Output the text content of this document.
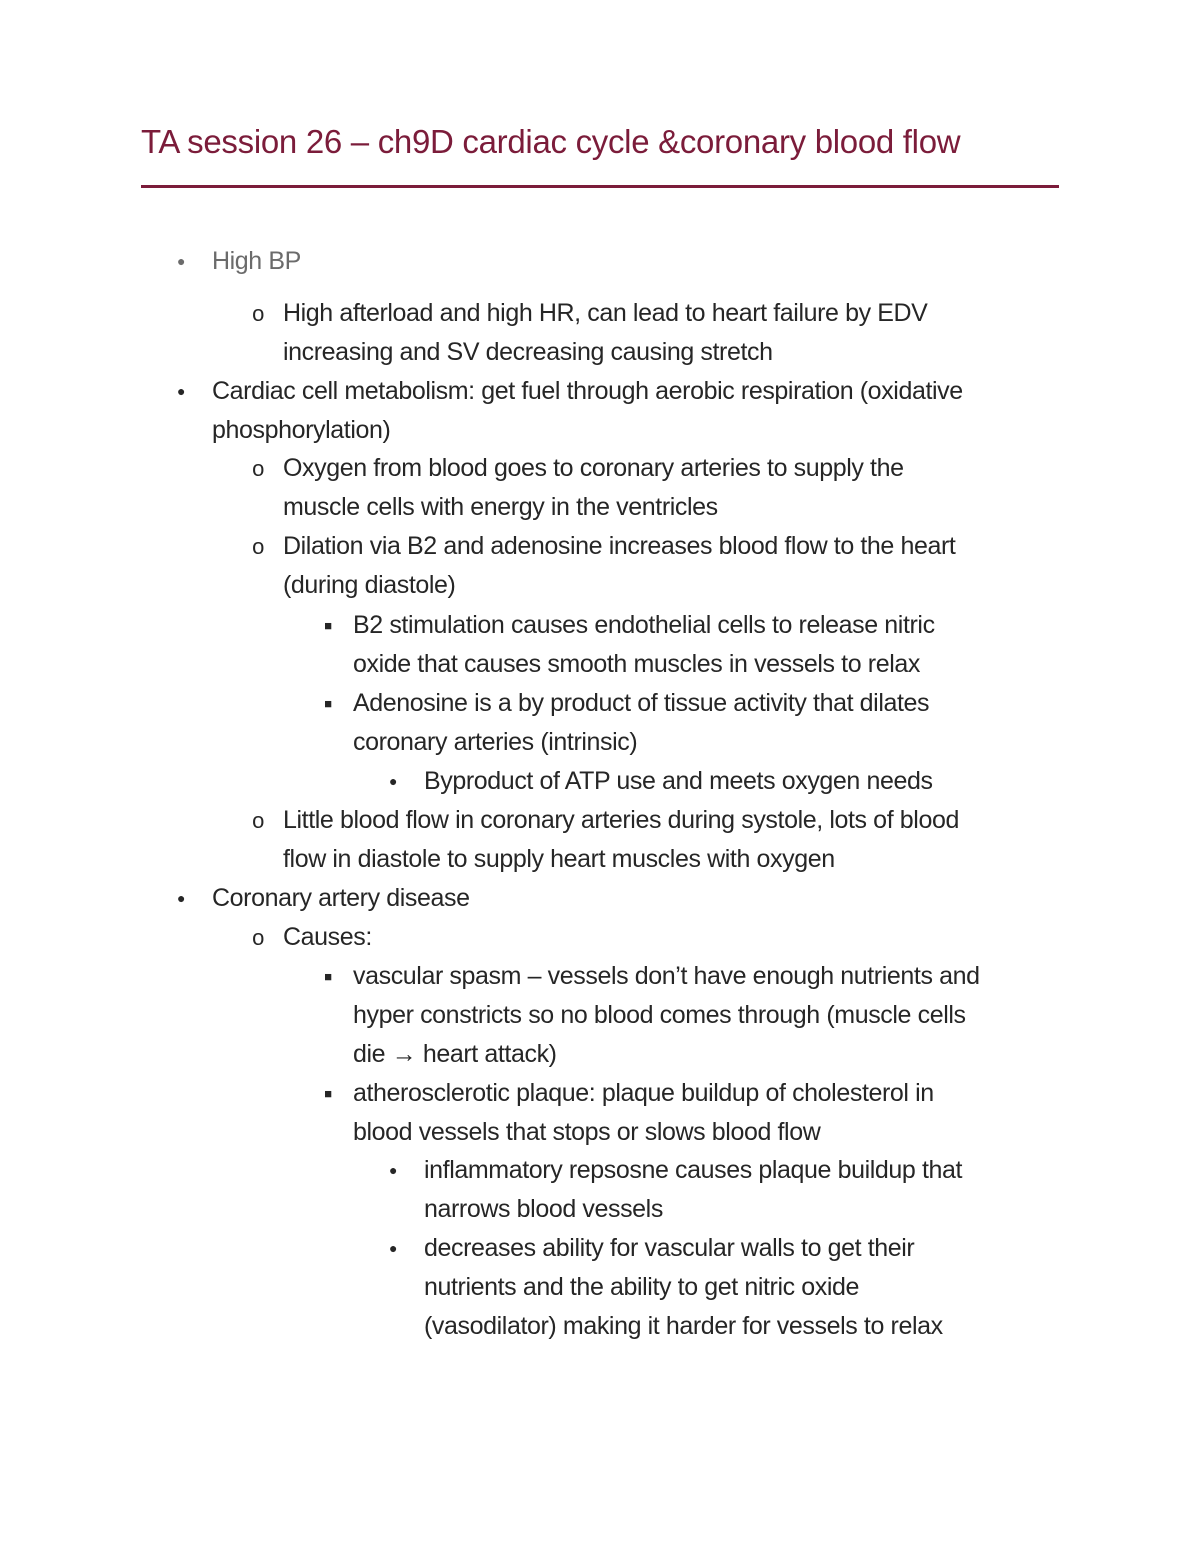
TA session 26 – ch9D cardiac cycle &coronary blood flow
● High BP
o High afterload and high HR, can lead to heart failure by EDV
increasing and SV decreasing causing stretch
● Cardiac cell metabolism: get fuel through aerobic respiration (oxidative
phosphorylation)
o Oxygen from blood goes to coronary arteries to supply the
muscle cells with energy in the ventricles
o Dilation via B2 and adenosine increases blood flow to the heart
(during diastole)
■ B2 stimulation causes endothelial cells to release nitric
oxide that causes smooth muscles in vessels to relax
■ Adenosine is a by product of tissue activity that dilates
coronary arteries (intrinsic)
● Byproduct of ATP use and meets oxygen needs
o Little blood flow in coronary arteries during systole, lots of blood
flow in diastole to supply heart muscles with oxygen
● Coronary artery disease
o Causes:
■ vascular spasm – vessels don’t have enough nutrients and
hyper constricts so no blood comes through (muscle cells
die → heart attack)
■ atherosclerotic plaque: plaque buildup of cholesterol in
blood vessels that stops or slows blood flow
● inflammatory repsosne causes plaque buildup that
narrows blood vessels
● decreases ability for vascular walls to get their
nutrients and the ability to get nitric oxide
(vasodilator) making it harder for vessels to relax
